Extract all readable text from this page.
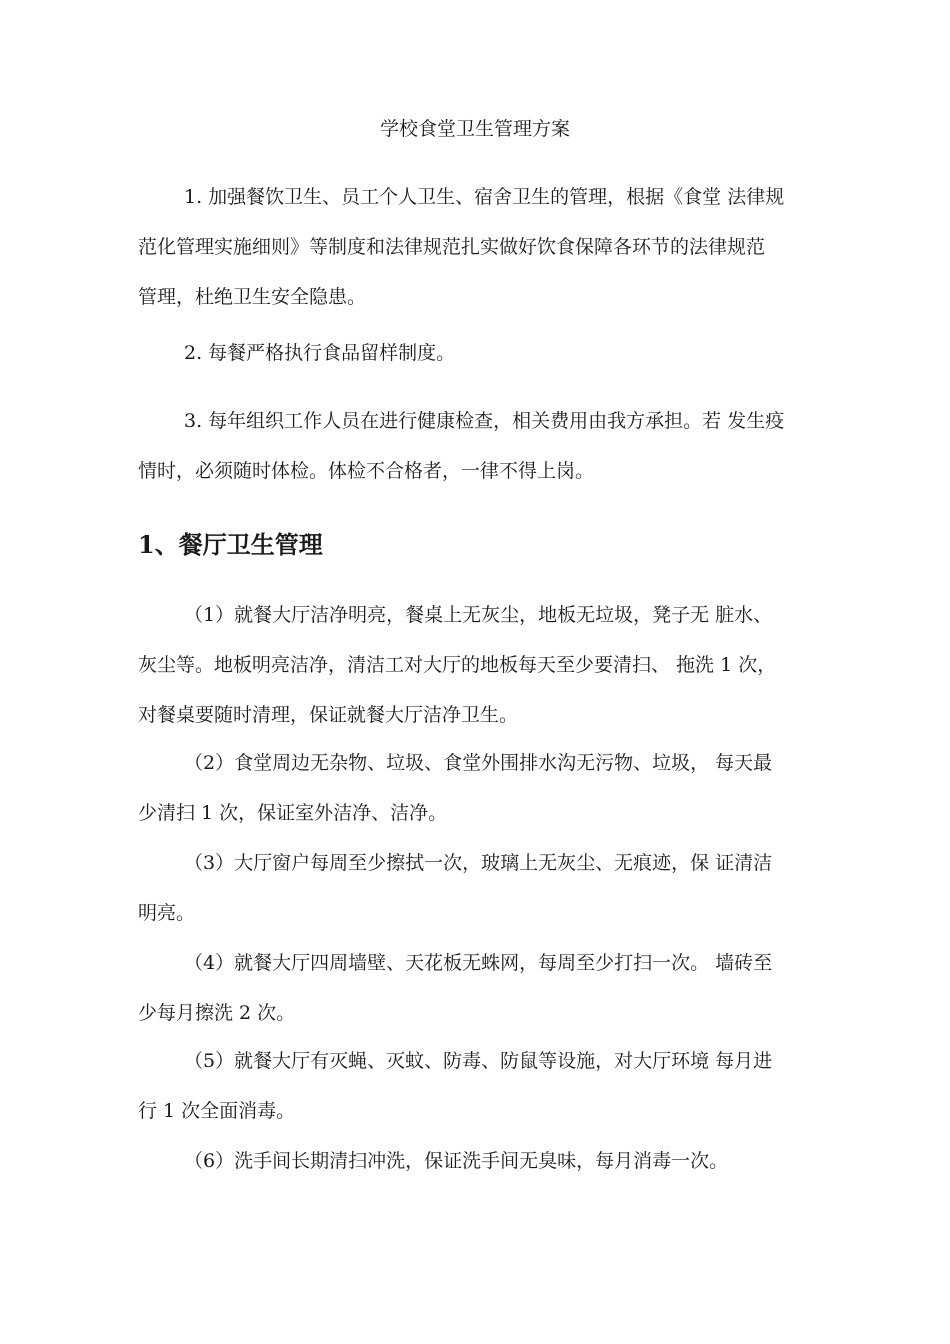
学校食堂卫生管理方案

1. 加强餐饮卫生、员工个人卫生、宿舍卫生的管理，根据《食堂 法律规
范化管理实施细则》等制度和法律规范扎实做好饮食保障各环节的法律规范
管理，杜绝卫生安全隐患。

2. 每餐严格执行食品留样制度。

3. 每年组织工作人员在进行健康检查，相关费用由我方承担。若 发生疫
情时，必须随时体检。体检不合格者，一律不得上岗。

1、餐厅卫生管理

（1）就餐大厅洁净明亮，餐桌上无灰尘，地板无垃圾，凳子无 脏水、
灰尘等。地板明亮洁净，清洁工对大厅的地板每天至少要清扫、 拖洗 1 次，
对餐桌要随时清理，保证就餐大厅洁净卫生。

（2）食堂周边无杂物、垃圾、食堂外围排水沟无污物、垃圾， 每天最
少清扫 1 次，保证室外洁净、洁净。

（3）大厅窗户每周至少擦拭一次，玻璃上无灰尘、无痕迹，保 证清洁
明亮。

（4）就餐大厅四周墙壁、天花板无蛛网，每周至少打扫一次。 墙砖至
少每月擦洗 2 次。

（5）就餐大厅有灭蝇、灭蚊、防毒、防鼠等设施，对大厅环境 每月进
行 1 次全面消毒。

（6）洗手间长期清扫冲洗，保证洗手间无臭味，每月消毒一次。
